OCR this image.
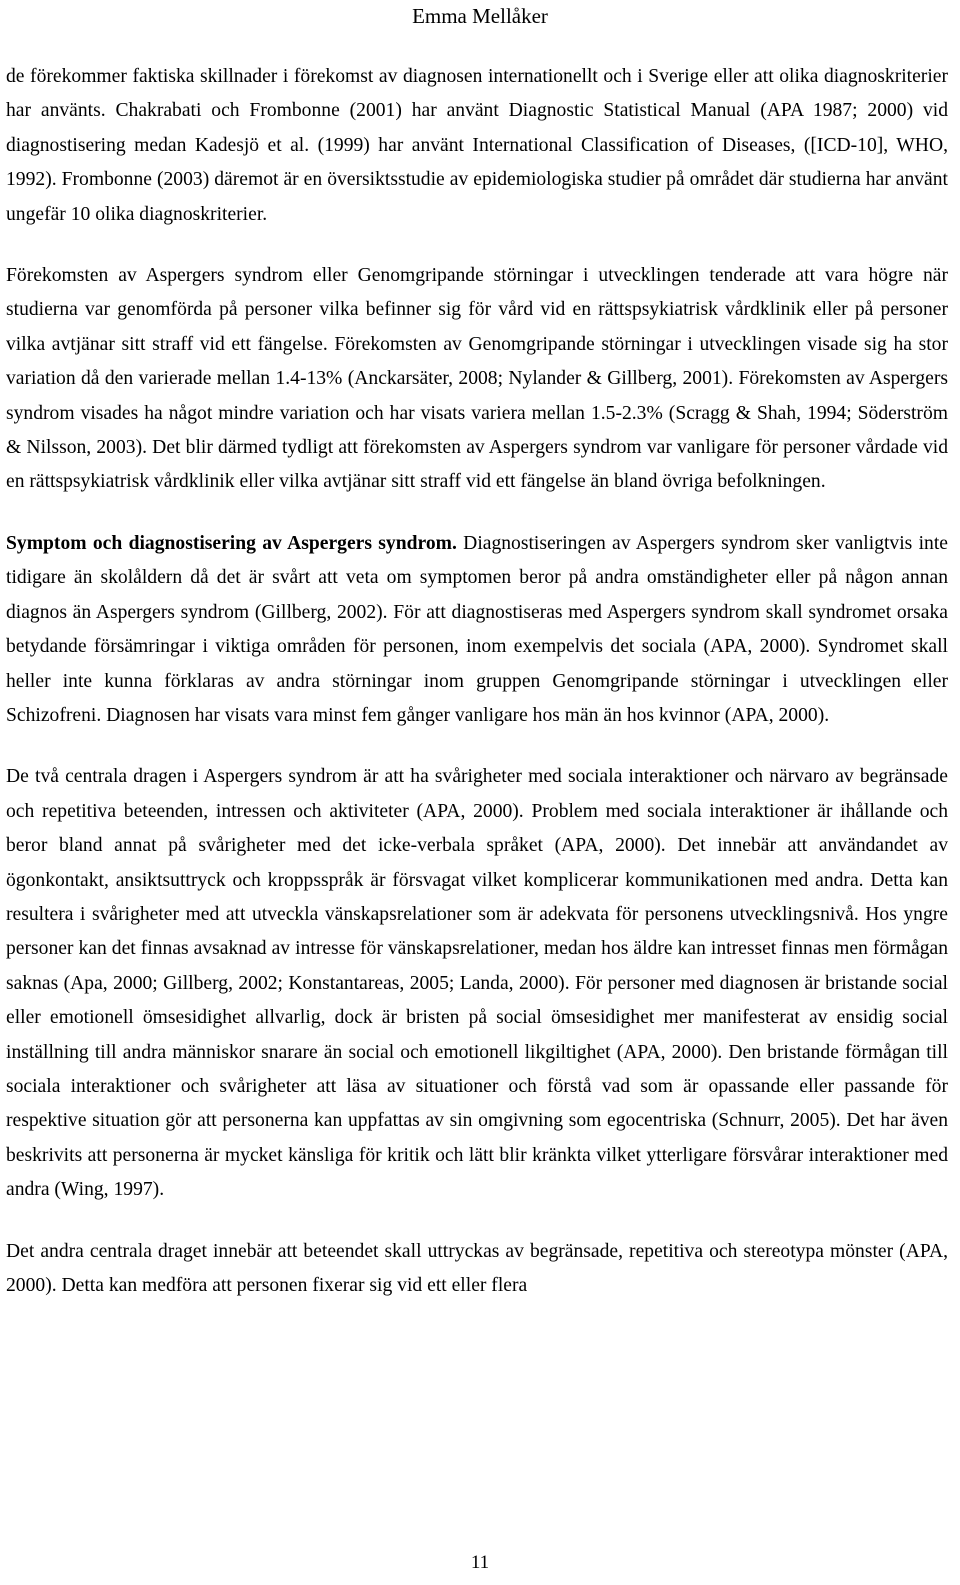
Emma Mellåker

de förekommer faktiska skillnader i förekomst av diagnosen internationellt och i Sverige eller att olika diagnoskriterier har använts. Chakrabati och Frombonne (2001) har använt Diagnostic Statistical Manual (APA 1987; 2000) vid diagnostisering medan Kadesjö et al. (1999) har använt International Classification of Diseases, ([ICD-10], WHO, 1992). Frombonne (2003) däremot är en översiktsstudie av epidemiologiska studier på området där studierna har använt ungefär 10 olika diagnoskriterier.

Förekomsten av Aspergers syndrom eller Genomgripande störningar i utvecklingen tenderade att vara högre när studierna var genomförda på personer vilka befinner sig för vård vid en rättspsykiatrisk vårdklinik eller på personer vilka avtjänar sitt straff vid ett fängelse. Förekomsten av Genomgripande störningar i utvecklingen visade sig ha stor variation då den varierade mellan 1.4-13% (Anckarsäter, 2008; Nylander & Gillberg, 2001). Förekomsten av Aspergers syndrom visades ha något mindre variation och har visats variera mellan 1.5-2.3% (Scragg & Shah, 1994; Söderström & Nilsson, 2003). Det blir därmed tydligt att förekomsten av Aspergers syndrom var vanligare för personer vårdade vid en rättspsykiatrisk vårdklinik eller vilka avtjänar sitt straff vid ett fängelse än bland övriga befolkningen.

Symptom och diagnostisering av Aspergers syndrom. Diagnostiseringen av Aspergers syndrom sker vanligtvis inte tidigare än skolåldern då det är svårt att veta om symptomen beror på andra omständigheter eller på någon annan diagnos än Aspergers syndrom (Gillberg, 2002). För att diagnostiseras med Aspergers syndrom skall syndromet orsaka betydande försämringar i viktiga områden för personen, inom exempelvis det sociala (APA, 2000). Syndromet skall heller inte kunna förklaras av andra störningar inom gruppen Genomgripande störningar i utvecklingen eller Schizofreni. Diagnosen har visats vara minst fem gånger vanligare hos män än hos kvinnor (APA, 2000).

De två centrala dragen i Aspergers syndrom är att ha svårigheter med sociala interaktioner och närvaro av begränsade och repetitiva beteenden, intressen och aktiviteter (APA, 2000). Problem med sociala interaktioner är ihållande och beror bland annat på svårigheter med det icke-verbala språket (APA, 2000). Det innebär att användandet av ögonkontakt, ansiktsuttryck och kroppsspråk är försvagat vilket komplicerar kommunikationen med andra. Detta kan resultera i svårigheter med att utveckla vänskapsrelationer som är adekvata för personens utvecklingsnivå. Hos yngre personer kan det finnas avsaknad av intresse för vänskapsrelationer, medan hos äldre kan intresset finnas men förmågan saknas (Apa, 2000; Gillberg, 2002; Konstantareas, 2005; Landa, 2000). För personer med diagnosen är bristande social eller emotionell ömsesidighet allvarlig, dock är bristen på social ömsesidighet mer manifesterat av ensidig social inställning till andra människor snarare än social och emotionell likgiltighet (APA, 2000). Den bristande förmågan till sociala interaktioner och svårigheter att läsa av situationer och förstå vad som är opassande eller passande för respektive situation gör att personerna kan uppfattas av sin omgivning som egocentriska (Schnurr, 2005). Det har även beskrivits att personerna är mycket känsliga för kritik och lätt blir kränkta vilket ytterligare försvårar interaktioner med andra (Wing, 1997).

Det andra centrala draget innebär att beteendet skall uttryckas av begränsade, repetitiva och stereotypa mönster (APA, 2000). Detta kan medföra att personen fixerar sig vid ett eller flera

11
